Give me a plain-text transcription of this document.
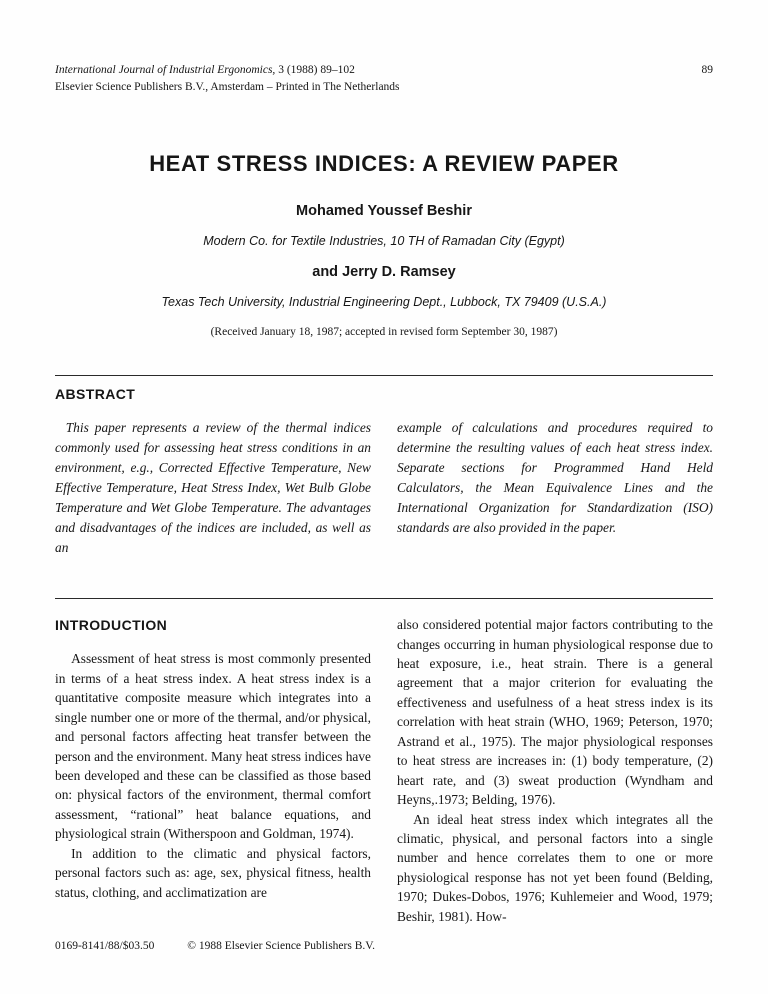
International Journal of Industrial Ergonomics, 3 (1988) 89–102	89
Elsevier Science Publishers B.V., Amsterdam – Printed in The Netherlands
HEAT STRESS INDICES: A REVIEW PAPER
Mohamed Youssef Beshir
Modern Co. for Textile Industries, 10 TH of Ramadan City (Egypt)
and Jerry D. Ramsey
Texas Tech University, Industrial Engineering Dept., Lubbock, TX 79409 (U.S.A.)
(Received January 18, 1987; accepted in revised form September 30, 1987)
ABSTRACT

This paper represents a review of the thermal indices commonly used for assessing heat stress conditions in an environment, e.g., Corrected Effective Temperature, New Effective Temperature, Heat Stress Index, Wet Bulb Globe Temperature and Wet Globe Temperature. The advantages and disadvantages of the indices are included, as well as an

example of calculations and procedures required to determine the resulting values of each heat stress index. Separate sections for Programmed Hand Held Calculators, the Mean Equivalence Lines and the International Organization for Standardization (ISO) standards are also provided in the paper.

INTRODUCTION

Assessment of heat stress is most commonly presented in terms of a heat stress index. A heat stress index is a quantitative composite measure which integrates into a single number one or more of the thermal, and/or physical, and personal factors affecting heat transfer between the person and the environment. Many heat stress indices have been developed and these can be classified as those based on: physical factors of the environment, thermal comfort assessment, “rational” heat balance equations, and physiological strain (Witherspoon and Goldman, 1974).

In addition to the climatic and physical factors, personal factors such as: age, sex, physical fitness, health status, clothing, and acclimatization are

also considered potential major factors contributing to the changes occurring in human physiological response due to heat exposure, i.e., heat strain. There is a general agreement that a major criterion for evaluating the effectiveness and usefulness of a heat stress index is its correlation with heat strain (WHO, 1969; Peterson, 1970; Astrand et al., 1975). The major physiological responses to heat stress are increases in: (1) body temperature, (2) heart rate, and (3) sweat production (Wyndham and Heyns,.1973; Belding, 1976).

An ideal heat stress index which integrates all the climatic, physical, and personal factors into a single number and hence correlates them to one or more physiological response has not yet been found (Belding, 1970; Dukes-Dobos, 1976; Kuhlemeier and Wood, 1979; Beshir, 1981). How-

0169-8141/88/$03.50	© 1988 Elsevier Science Publishers B.V.
